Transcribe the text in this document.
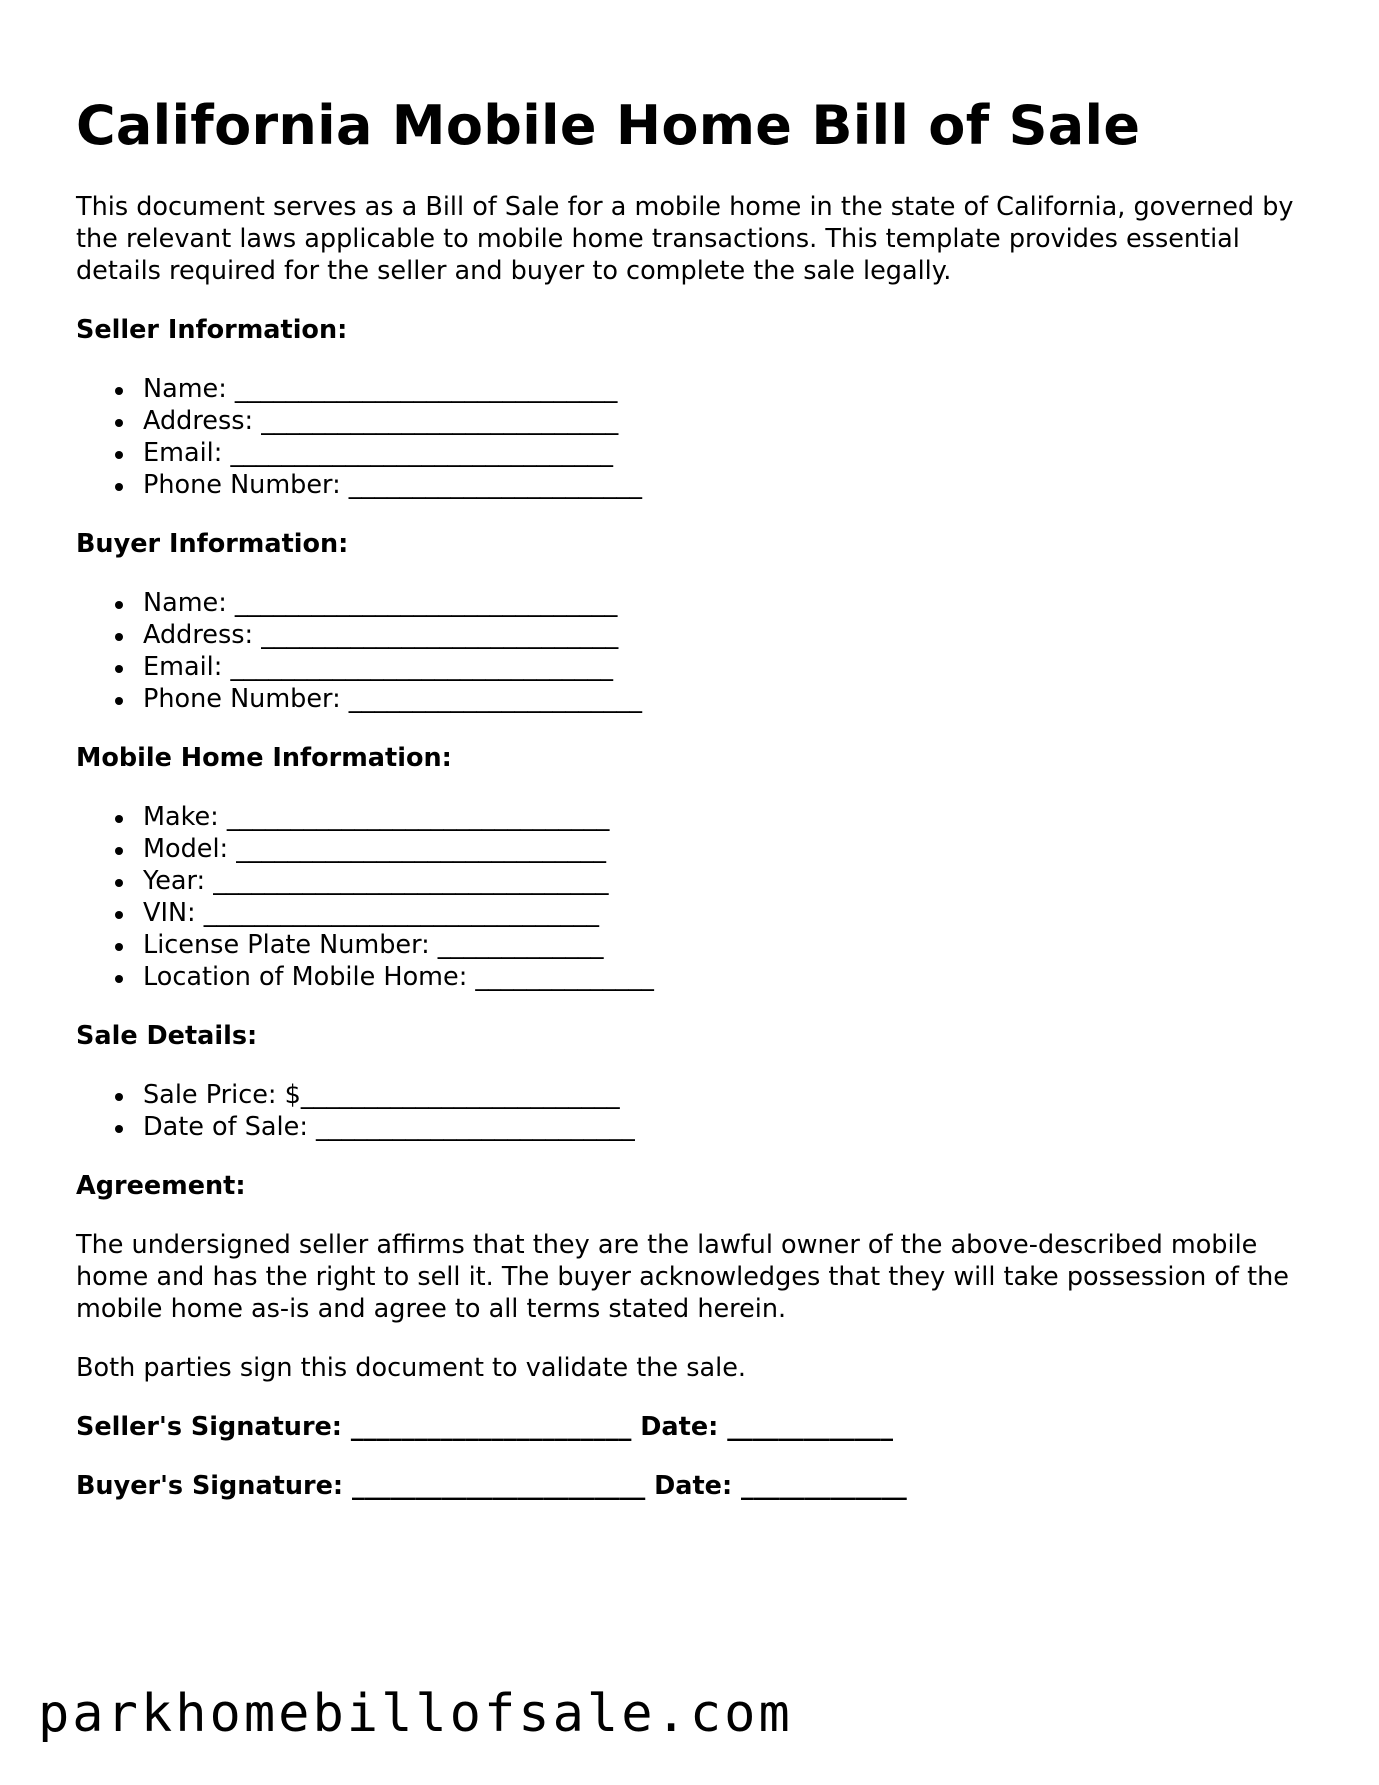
California Mobile Home Bill of Sale

This document serves as a Bill of Sale for a mobile home in the state of California, governed by the relevant laws applicable to mobile home transactions. This template provides essential details required for the seller and buyer to complete the sale legally.

Seller Information:
Name: ______________________________
Address: ____________________________
Email: ______________________________
Phone Number: _______________________
Buyer Information:
Name: ______________________________
Address: ____________________________
Email: ______________________________
Phone Number: _______________________
Mobile Home Information:
Make: ______________________________
Model: _____________________________
Year: _______________________________
VIN: _______________________________
License Plate Number: _____________
Location of Mobile Home: ______________
Sale Details:
Sale Price: $_________________________
Date of Sale: _________________________
Agreement:

The undersigned seller affirms that they are the lawful owner of the above-described mobile home and has the right to sell it. The buyer acknowledges that they will take possession of the mobile home as-is and agree to all terms stated herein.

Both parties sign this document to validate the sale.

Seller's Signature: ______________________ Date: _____________
Buyer's Signature: _______________________ Date: _____________
parkhomebillofsale.com
